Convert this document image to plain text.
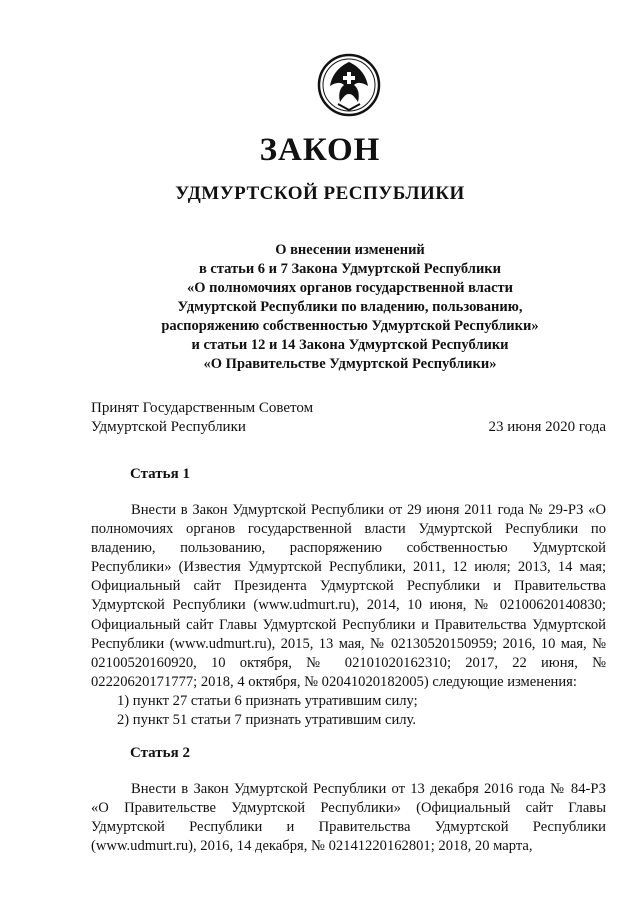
ЗАКОН
УДМУРТСКОЙ РЕСПУБЛИКИ
О внесении изменений
в статьи 6 и 7 Закона Удмуртской Республики
«О полномочиях органов государственной власти
Удмуртской Республики по владению, пользованию,
распоряжению собственностью Удмуртской Республики»
и статьи 12 и 14 Закона Удмуртской Республики
«О Правительстве Удмуртской Республики»
Принят Государственным Советом
Удмуртской Республики	23 июня 2020 года
Статья 1

Внести в Закон Удмуртской Республики от 29 июня 2011 года № 29-РЗ «О полномочиях органов государственной власти Удмуртской Республики по владению, пользованию, распоряжению собственностью Удмуртской Республики» (Известия Удмуртской Республики, 2011, 12 июля; 2013, 14 мая; Официальный сайт Президента Удмуртской Республики и Правительства Удмуртской Республики (www.udmurt.ru), 2014, 10 июня, № 02100620140830; Официальный сайт Главы Удмуртской Республики и Правительства Удмуртской Республики (www.udmurt.ru), 2015, 13 мая, № 02130520150959; 2016, 10 мая, № 02100520160920, 10 октября, № 02101020162310; 2017, 22 июня, № 02220620171777; 2018, 4 октября, № 02041020182005) следующие изменения:

1) пункт 27 статьи 6 признать утратившим силу;

2) пункт 51 статьи 7 признать утратившим силу.

Статья 2

Внести в Закон Удмуртской Республики от 13 декабря 2016 года № 84-РЗ «О Правительстве Удмуртской Республики» (Официальный сайт Главы Удмуртской Республики и Правительства Удмуртской Республики (www.udmurt.ru), 2016, 14 декабря, № 02141220162801; 2018, 20 марта,
